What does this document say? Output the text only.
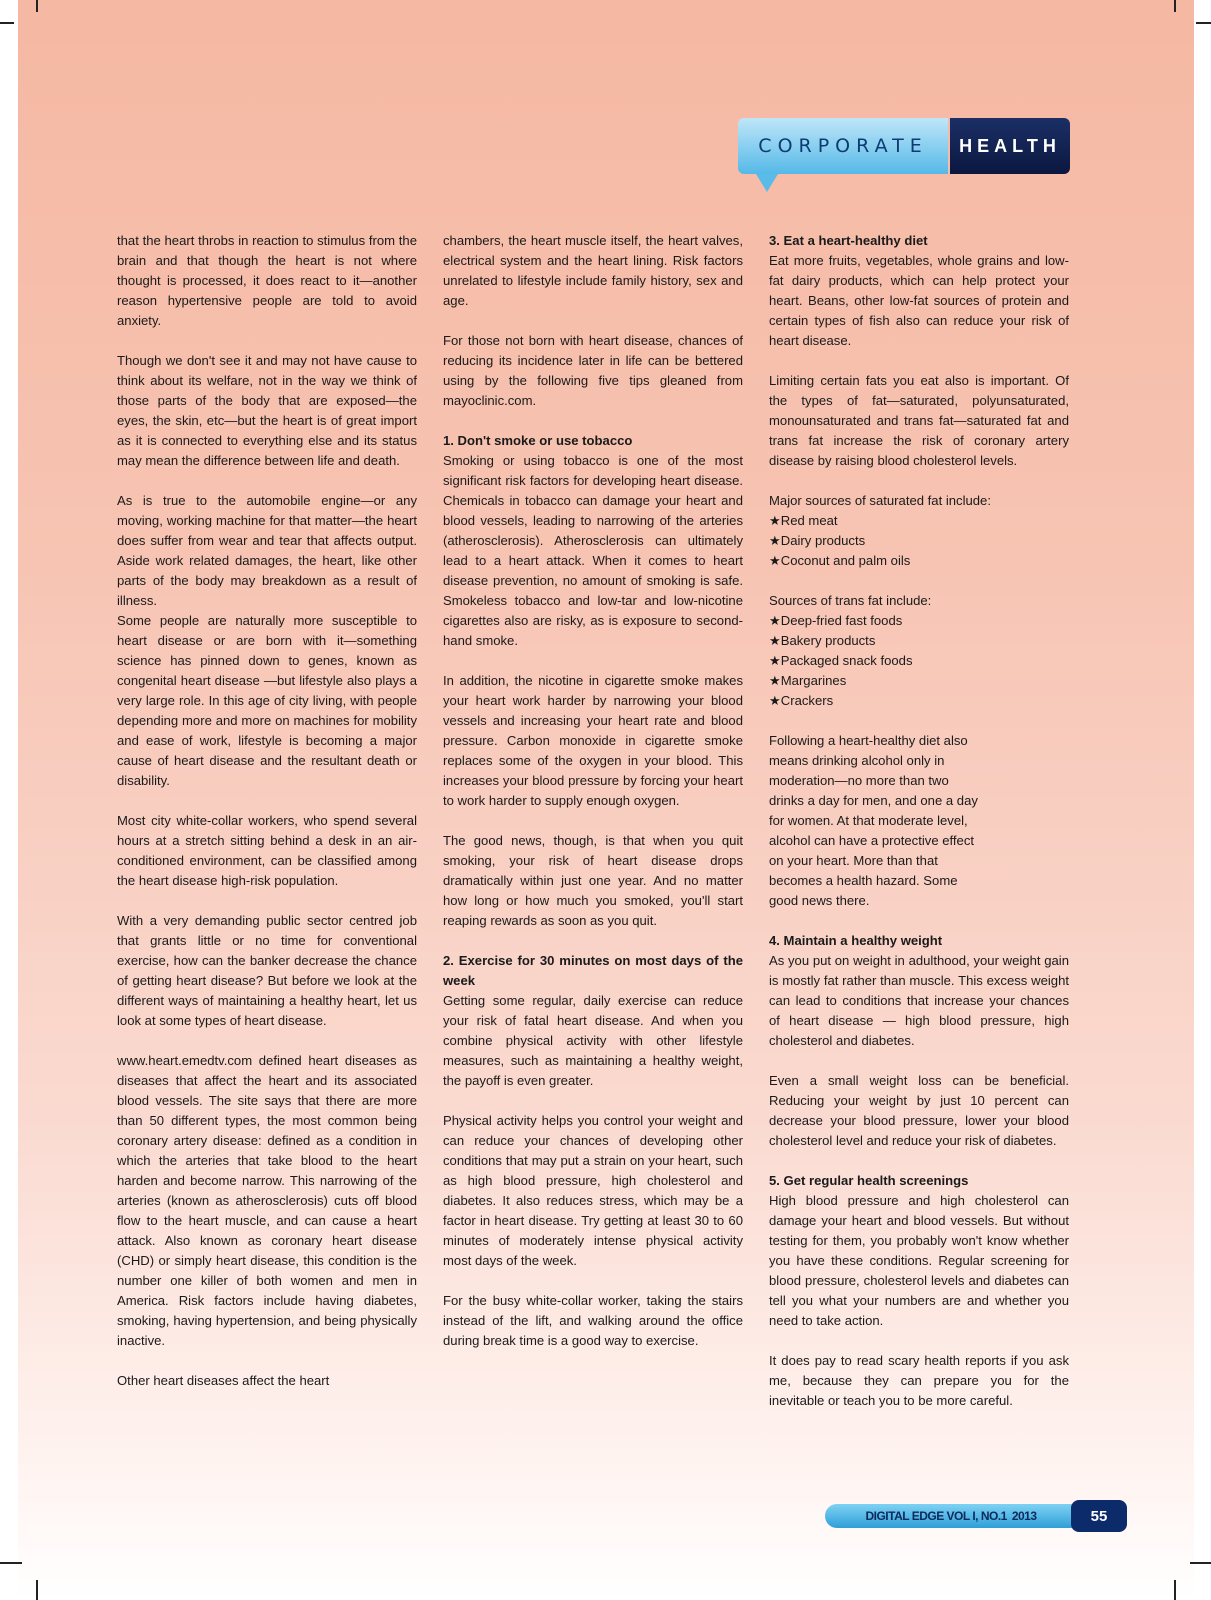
CORPORATE	HEALTH

that the heart throbs in reaction to stimulus from the brain and that though the heart is not where thought is processed, it does react to it—another reason hypertensive people are told to avoid anxiety.

Though we don't see it and may not have cause to think about its welfare, not in the way we think of those parts of the body that are exposed—the eyes, the skin, etc—but the heart is of great import as it is connected to everything else and its status may mean the difference between life and death.

As is true to the automobile engine—or any moving, working machine for that matter—the heart does suffer from wear and tear that affects output. Aside work related damages, the heart, like other parts of the body may breakdown as a result of illness.

Some people are naturally more susceptible to heart disease or are born with it—something science has pinned down to genes, known as congenital heart disease —but lifestyle also plays a very large role. In this age of city living, with people depending more and more on machines for mobility and ease of work, lifestyle is becoming a major cause of heart disease and the resultant death or disability.

Most city white-collar workers, who spend several hours at a stretch sitting behind a desk in an air-conditioned environment, can be classified among the heart disease high-risk population.

With a very demanding public sector centred job that grants little or no time for conventional exercise, how can the banker decrease the chance of getting heart disease? But before we look at the different ways of maintaining a healthy heart, let us look at some types of heart disease.

www.heart.emedtv.com defined heart diseases as diseases that affect the heart and its associated blood vessels. The site says that there are more than 50 different types, the most common being coronary artery disease: defined as a condition in which the arteries that take blood to the heart harden and become narrow. This narrowing of the arteries (known as atherosclerosis) cuts off blood flow to the heart muscle, and can cause a heart attack. Also known as coronary heart disease (CHD) or simply heart disease, this condition is the number one killer of both women and men in America. Risk factors include having diabetes, smoking, having hypertension, and being physically inactive.

Other heart diseases affect the heart

chambers, the heart muscle itself, the heart valves, electrical system and the heart lining. Risk factors unrelated to lifestyle include family history, sex and age.

For those not born with heart disease, chances of reducing its incidence later in life can be bettered using by the following five tips gleaned from mayoclinic.com.

1. Don't smoke or use tobacco

Smoking or using tobacco is one of the most significant risk factors for developing heart disease. Chemicals in tobacco can damage your heart and blood vessels, leading to narrowing of the arteries (atherosclerosis). Atherosclerosis can ultimately lead to a heart attack. When it comes to heart disease prevention, no amount of smoking is safe. Smokeless tobacco and low-tar and low-nicotine cigarettes also are risky, as is exposure to second-hand smoke.

In addition, the nicotine in cigarette smoke makes your heart work harder by narrowing your blood vessels and increasing your heart rate and blood pressure. Carbon monoxide in cigarette smoke replaces some of the oxygen in your blood. This increases your blood pressure by forcing your heart to work harder to supply enough oxygen.

The good news, though, is that when you quit smoking, your risk of heart disease drops dramatically within just one year. And no matter how long or how much you smoked, you'll start reaping rewards as soon as you quit.

2. Exercise for 30 minutes on most days of the week

Getting some regular, daily exercise can reduce your risk of fatal heart disease. And when you combine physical activity with other lifestyle measures, such as maintaining a healthy weight, the payoff is even greater.

Physical activity helps you control your weight and can reduce your chances of developing other conditions that may put a strain on your heart, such as high blood pressure, high cholesterol and diabetes. It also reduces stress, which may be a factor in heart disease. Try getting at least 30 to 60 minutes of moderately intense physical activity most days of the week.

For the busy white-collar worker, taking the stairs instead of the lift, and walking around the office during break time is a good way to exercise.

3. Eat a heart-healthy diet

Eat more fruits, vegetables, whole grains and low-fat dairy products, which can help protect your heart. Beans, other low-fat sources of protein and certain types of fish also can reduce your risk of heart disease.

Limiting certain fats you eat also is important. Of the types of fat—saturated, polyunsaturated, monounsaturated and trans fat—saturated fat and trans fat increase the risk of coronary artery disease by raising blood cholesterol levels.

Major sources of saturated fat include:
★ Red meat
★ Dairy products
★ Coconut and palm oils
Sources of trans fat include:
★ Deep-fried fast foods
★ Bakery products
★ Packaged snack foods
★ Margarines
★ Crackers

Following a heart-healthy diet also means drinking alcohol only in moderation—no more than two drinks a day for men, and one a day for women. At that moderate level, alcohol can have a protective effect on your heart. More than that becomes a health hazard. Some good news there.

4. Maintain a healthy weight

As you put on weight in adulthood, your weight gain is mostly fat rather than muscle. This excess weight can lead to conditions that increase your chances of heart disease — high blood pressure, high cholesterol and diabetes.

Even a small weight loss can be beneficial. Reducing your weight by just 10 percent can decrease your blood pressure, lower your blood cholesterol level and reduce your risk of diabetes.

5. Get regular health screenings

High blood pressure and high cholesterol can damage your heart and blood vessels. But without testing for them, you probably won't know whether you have these conditions. Regular screening for blood pressure, cholesterol levels and diabetes can tell you what your numbers are and whether you need to take action.

It does pay to read scary health reports if you ask me, because they can prepare you for the inevitable or teach you to be more careful.

DIGITAL EDGE VOL I, NO.1 2013	55
